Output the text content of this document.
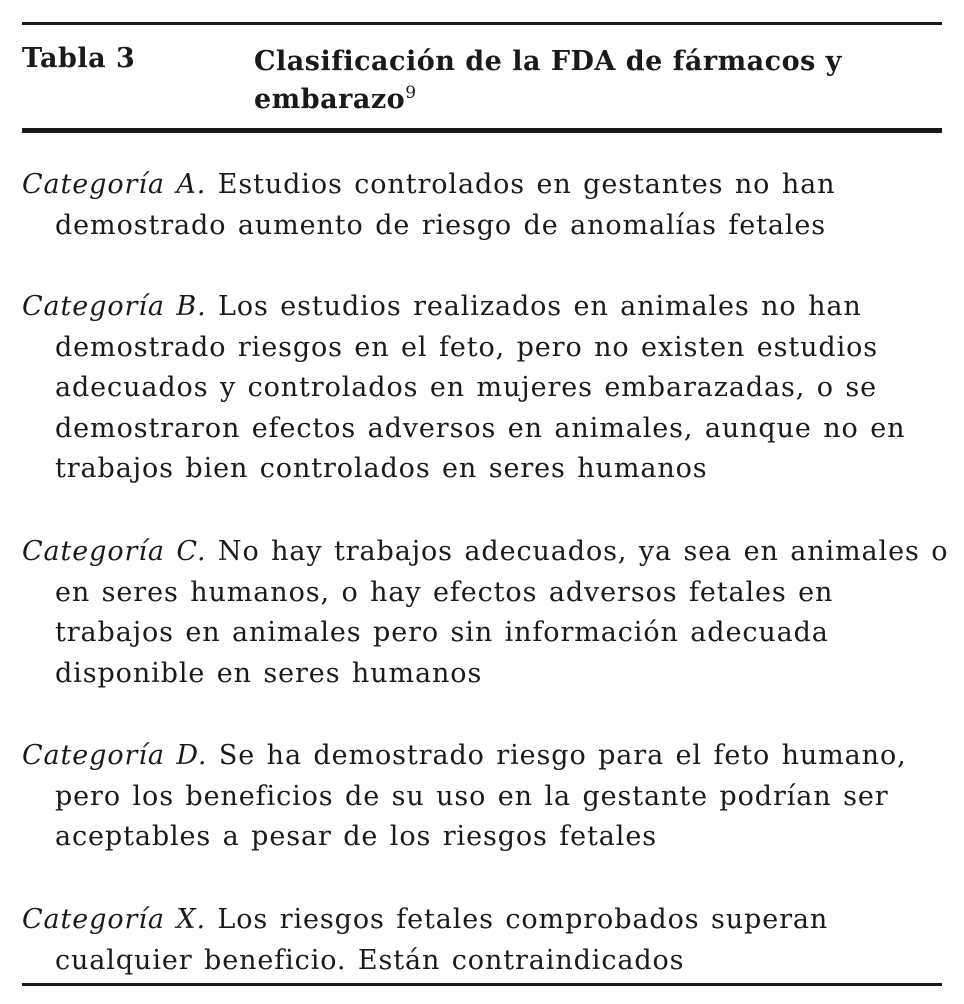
Tabla 3	Clasificación de la FDA de fármacos y embarazo$^9$

Categoría A. Estudios controlados en gestantes no han demostrado aumento de riesgo de anomalías fetales

Categoría B. Los estudios realizados en animales no han demostrado riesgos en el feto, pero no existen estudios adecuados y controlados en mujeres embarazadas, o se demostraron efectos adversos en animales, aunque no en trabajos bien controlados en seres humanos

Categoría C. No hay trabajos adecuados, ya sea en animales o en seres humanos, o hay efectos adversos fetales en trabajos en animales pero sin información adecuada disponible en seres humanos

Categoría D. Se ha demostrado riesgo para el feto humano, pero los beneficios de su uso en la gestante podrían ser aceptables a pesar de los riesgos fetales

Categoría X. Los riesgos fetales comprobados superan cualquier beneficio. Están contraindicados
